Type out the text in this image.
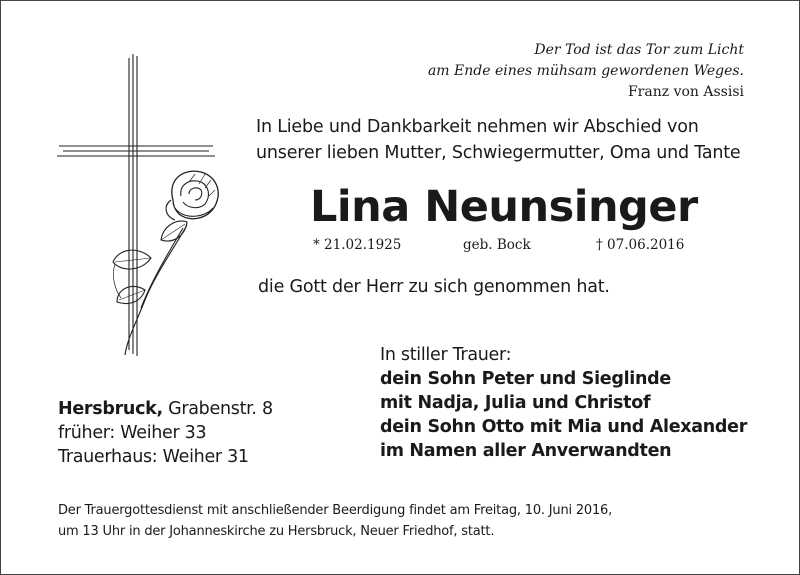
Der Tod ist das Tor zum Licht
am Ende eines mühsam gewordenen Weges.
Franz von Assisi
In Liebe und Dankbarkeit nehmen wir Abschied von
unserer lieben Mutter, Schwiegermutter, Oma und Tante
Lina Neunsinger
* 21.02.1925	geb. Bock	† 07.06.2016
die Gott der Herr zu sich genommen hat.
In stiller Trauer:
dein Sohn Peter und Sieglinde
mit Nadja, Julia und Christof
dein Sohn Otto mit Mia und Alexander
im Namen aller Anverwandten
Hersbruck, Grabenstr. 8
früher: Weiher 33
Trauerhaus: Weiher 31
Der Trauergottesdienst mit anschließender Beerdigung findet am Freitag, 10. Juni 2016,
um 13 Uhr in der Johanneskirche zu Hersbruck, Neuer Friedhof, statt.
